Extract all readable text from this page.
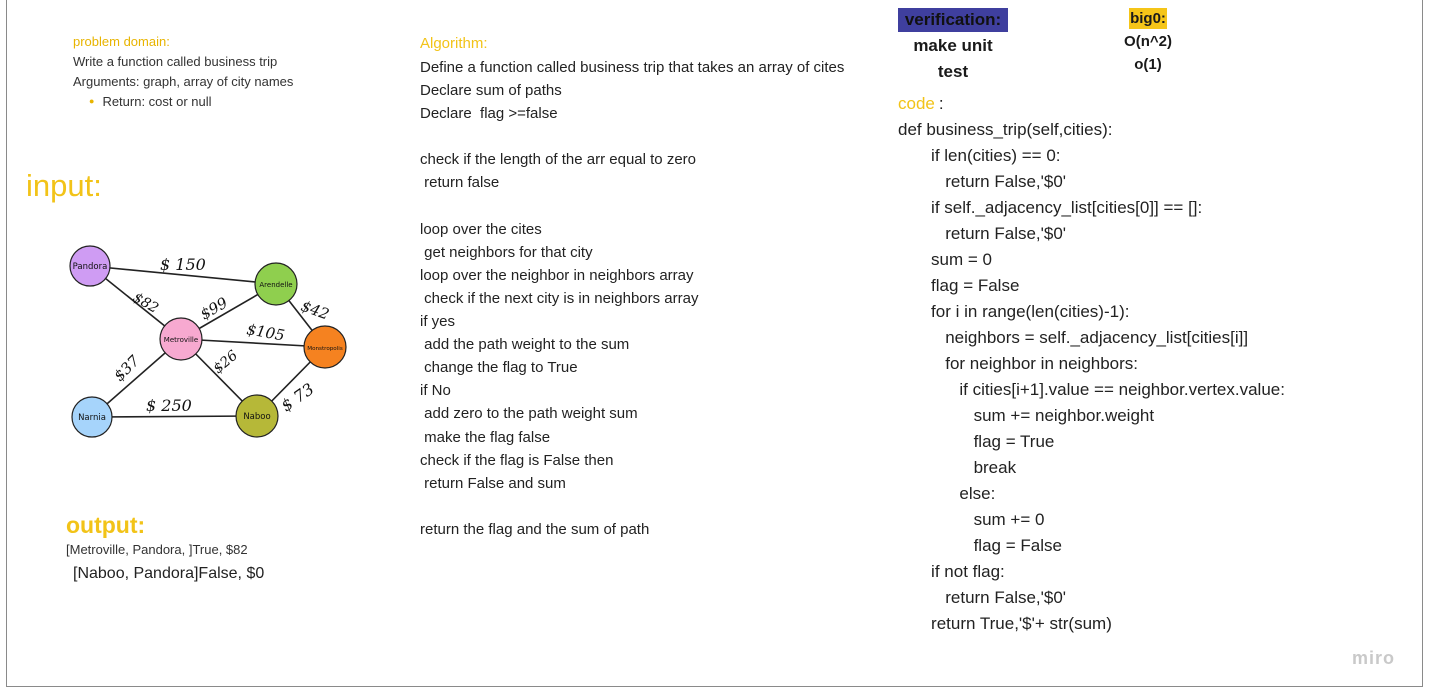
problem domain:
Write a function called business trip
Arguments: graph, array of city names
● Return: cost or null
input:
$ 150
$82 $99	$42
$105
$26
$37
$ 250	$ 73
Pandora
Arendelle
Metroville
Monstropolis
Narnia	Naboo
output:
[Metroville, Pandora, ]True, $82
[Naboo, Pandora]False, $0
Algorithm:
Define a function called business trip that takes an array of cites
Declare sum of paths
Declare  flag >=false
check if the length of the arr equal to zero
return false
loop over the cites
get neighbors for that city
loop over the neighbor in neighbors array
check if the next city is in neighbors array
if yes
add the path weight to the sum
change the flag to True
if No
add zero to the path weight sum
make the flag false
check if the flag is False then
return False and sum
return the flag and the sum of path
verification:
make unit
test
big0:
O(n^2)
o(1)
code :
def business_trip(self,cities):
if len(cities) == 0:
return False,'$0'
if self._adjacency_list[cities[0]] == []:
return False,'$0'
sum = 0
flag = False
for i in range(len(cities)-1):
neighbors = self._adjacency_list[cities[i]]
for neighbor in neighbors:
if cities[i+1].value == neighbor.vertex.value:
sum += neighbor.weight
flag = True
break
else:
sum += 0
flag = False
if not flag:
return False,'$0'
return True,'$'+ str(sum)
miro
